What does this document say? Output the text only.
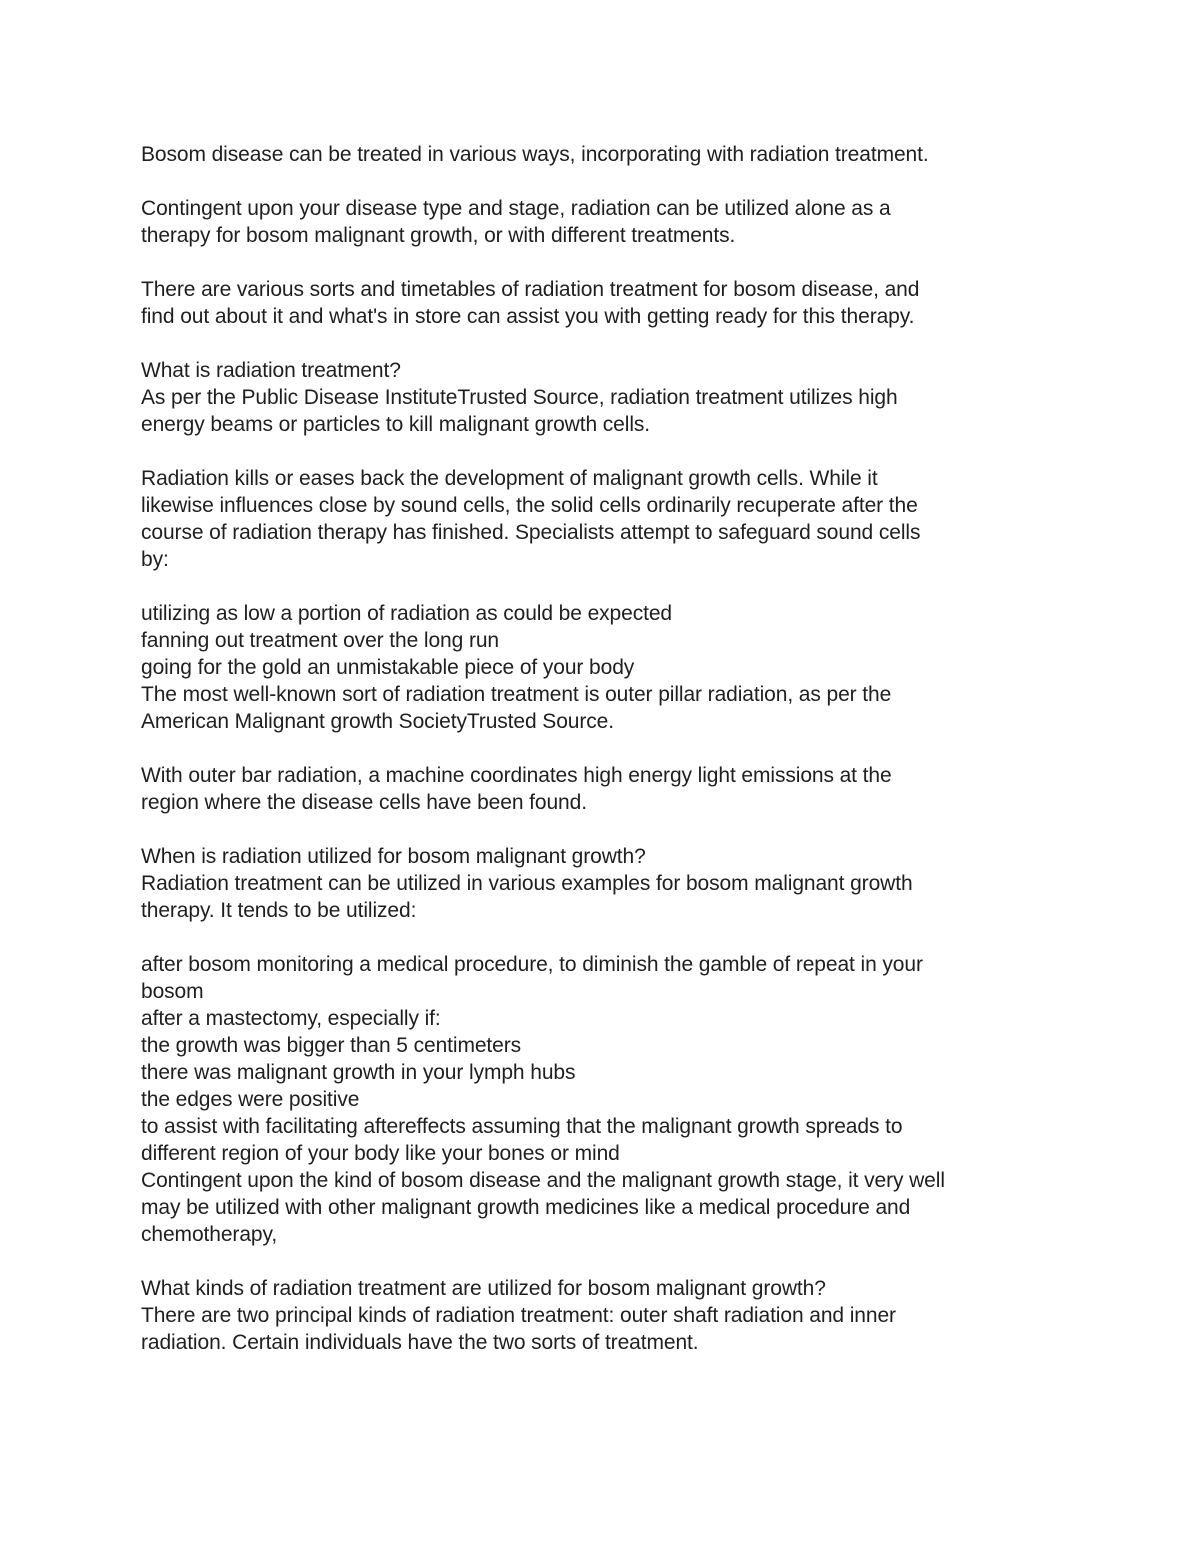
Bosom disease can be treated in various ways, incorporating with radiation treatment.
Contingent upon your disease type and stage, radiation can be utilized alone as a
therapy for bosom malignant growth, or with different treatments.
There are various sorts and timetables of radiation treatment for bosom disease, and
find out about it and what's in store can assist you with getting ready for this therapy.
What is radiation treatment?
As per the Public Disease InstituteTrusted Source, radiation treatment utilizes high
energy beams or particles to kill malignant growth cells.
Radiation kills or eases back the development of malignant growth cells. While it
likewise influences close by sound cells, the solid cells ordinarily recuperate after the
course of radiation therapy has finished. Specialists attempt to safeguard sound cells
by:
utilizing as low a portion of radiation as could be expected
fanning out treatment over the long run
going for the gold an unmistakable piece of your body
The most well-known sort of radiation treatment is outer pillar radiation, as per the
American Malignant growth SocietyTrusted Source.
With outer bar radiation, a machine coordinates high energy light emissions at the
region where the disease cells have been found.
When is radiation utilized for bosom malignant growth?
Radiation treatment can be utilized in various examples for bosom malignant growth
therapy. It tends to be utilized:
after bosom monitoring a medical procedure, to diminish the gamble of repeat in your
bosom
after a mastectomy, especially if:
the growth was bigger than 5 centimeters
there was malignant growth in your lymph hubs
the edges were positive
to assist with facilitating aftereffects assuming that the malignant growth spreads to
different region of your body like your bones or mind
Contingent upon the kind of bosom disease and the malignant growth stage, it very well
may be utilized with other malignant growth medicines like a medical procedure and
chemotherapy,
What kinds of radiation treatment are utilized for bosom malignant growth?
There are two principal kinds of radiation treatment: outer shaft radiation and inner
radiation. Certain individuals have the two sorts of treatment.
